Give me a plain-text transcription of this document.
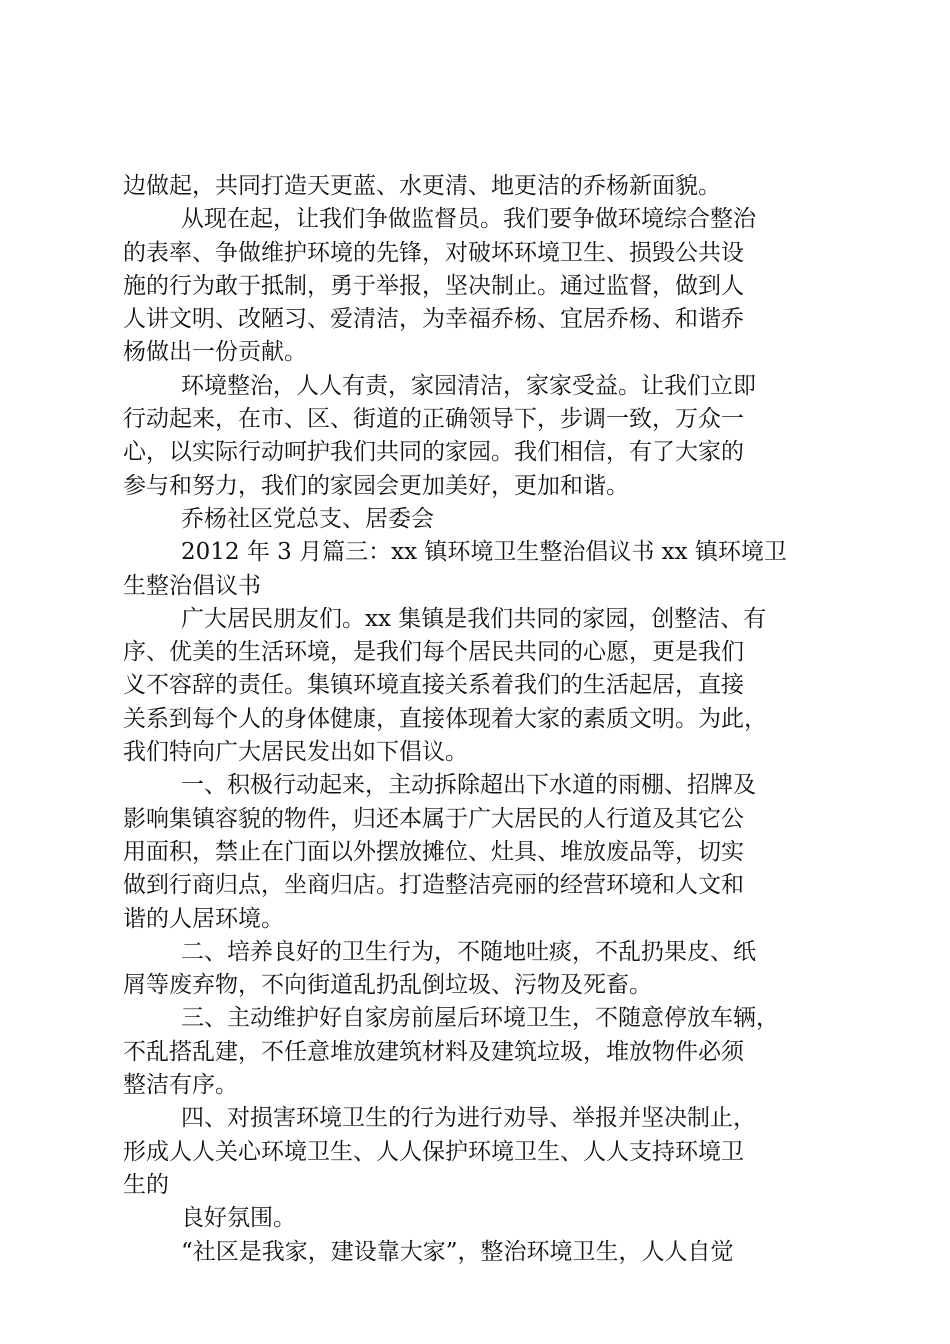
边做起，共同打造天更蓝、水更清、地更洁的乔杨新面貌。
从现在起，让我们争做监督员。我们要争做环境综合整治
的表率、争做维护环境的先锋，对破坏环境卫生、损毁公共设
施的行为敢于抵制，勇于举报，坚决制止。通过监督，做到人
人讲文明、改陋习、爱清洁，为幸福乔杨、宜居乔杨、和谐乔
杨做出一份贡献。
环境整治，人人有责，家园清洁，家家受益。让我们立即
行动起来，在市、区、街道的正确领导下，步调一致，万众一
心，以实际行动呵护我们共同的家园。我们相信，有了大家的
参与和努力，我们的家园会更加美好，更加和谐。
乔杨社区党总支、居委会
2012 年 3 月篇三：xx 镇环境卫生整治倡议书 xx 镇环境卫
生整治倡议书
广大居民朋友们。xx 集镇是我们共同的家园，创整洁、有
序、优美的生活环境，是我们每个居民共同的心愿，更是我们
义不容辞的责任。集镇环境直接关系着我们的生活起居，直接
关系到每个人的身体健康，直接体现着大家的素质文明。为此，
我们特向广大居民发出如下倡议。
一、积极行动起来，主动拆除超出下水道的雨棚、招牌及
影响集镇容貌的物件，归还本属于广大居民的人行道及其它公
用面积，禁止在门面以外摆放摊位、灶具、堆放废品等，切实
做到行商归点，坐商归店。打造整洁亮丽的经营环境和人文和
谐的人居环境。
二、培养良好的卫生行为，不随地吐痰，不乱扔果皮、纸
屑等废弃物，不向街道乱扔乱倒垃圾、污物及死畜。
三、主动维护好自家房前屋后环境卫生，不随意停放车辆，
不乱搭乱建，不任意堆放建筑材料及建筑垃圾，堆放物件必须
整洁有序。
四、对损害环境卫生的行为进行劝导、举报并坚决制止，
形成人人关心环境卫生、人人保护环境卫生、人人支持环境卫
生的
良好氛围。
“社区是我家，建设靠大家”，整治环境卫生，人人自觉
